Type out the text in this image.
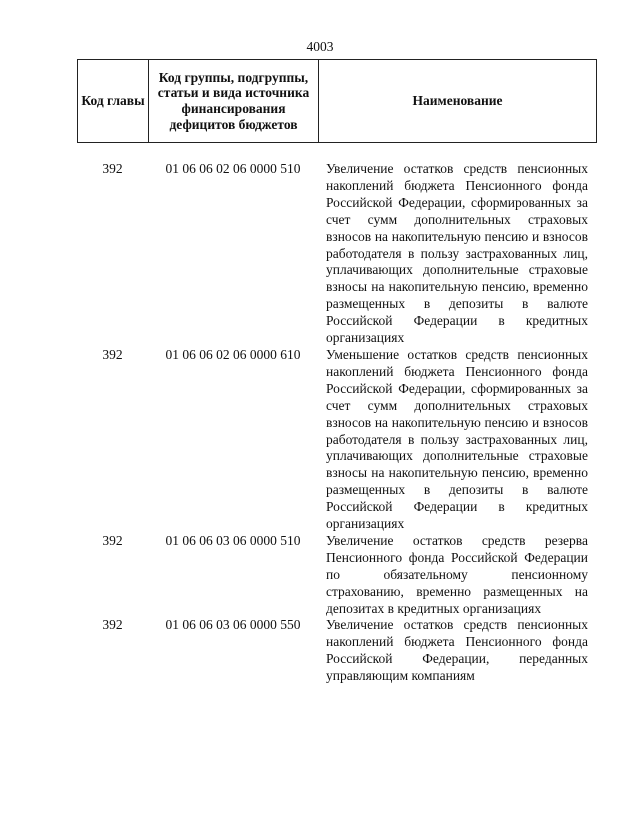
4003
Код главы	Код группы, подгруппы, статьи и вида источника финансирования дефицитов бюджетов	Наименование
392	01 06 06 02 06 0000 510	Увеличение остатков средств пенсионных накоплений бюджета Пенсионного фонда Российской Федерации, сформированных за счет сумм дополнительных страховых взносов на накопительную пенсию и взносов работодателя в пользу застрахованных лиц, уплачивающих дополнительные страховые взносы на накопительную пенсию, временно размещенных в депозиты в валюте Российской Федерации в кредитных организациях
392	01 06 06 02 06 0000 610	Уменьшение остатков средств пенсионных накоплений бюджета Пенсионного фонда Российской Федерации, сформированных за счет сумм дополнительных страховых взносов на накопительную пенсию и взносов работодателя в пользу застрахованных лиц, уплачивающих дополнительные страховые взносы на накопительную пенсию, временно размещенных в депозиты в валюте Российской Федерации в кредитных организациях
392	01 06 06 03 06 0000 510	Увеличение остатков средств резерва Пенсионного фонда Российской Федерации по обязательному пенсионному страхованию, временно размещенных на депозитах в кредитных организациях
392	01 06 06 03 06 0000 550	Увеличение остатков средств пенсионных накоплений бюджета Пенсионного фонда Российской Федерации, переданных управляющим компаниям
